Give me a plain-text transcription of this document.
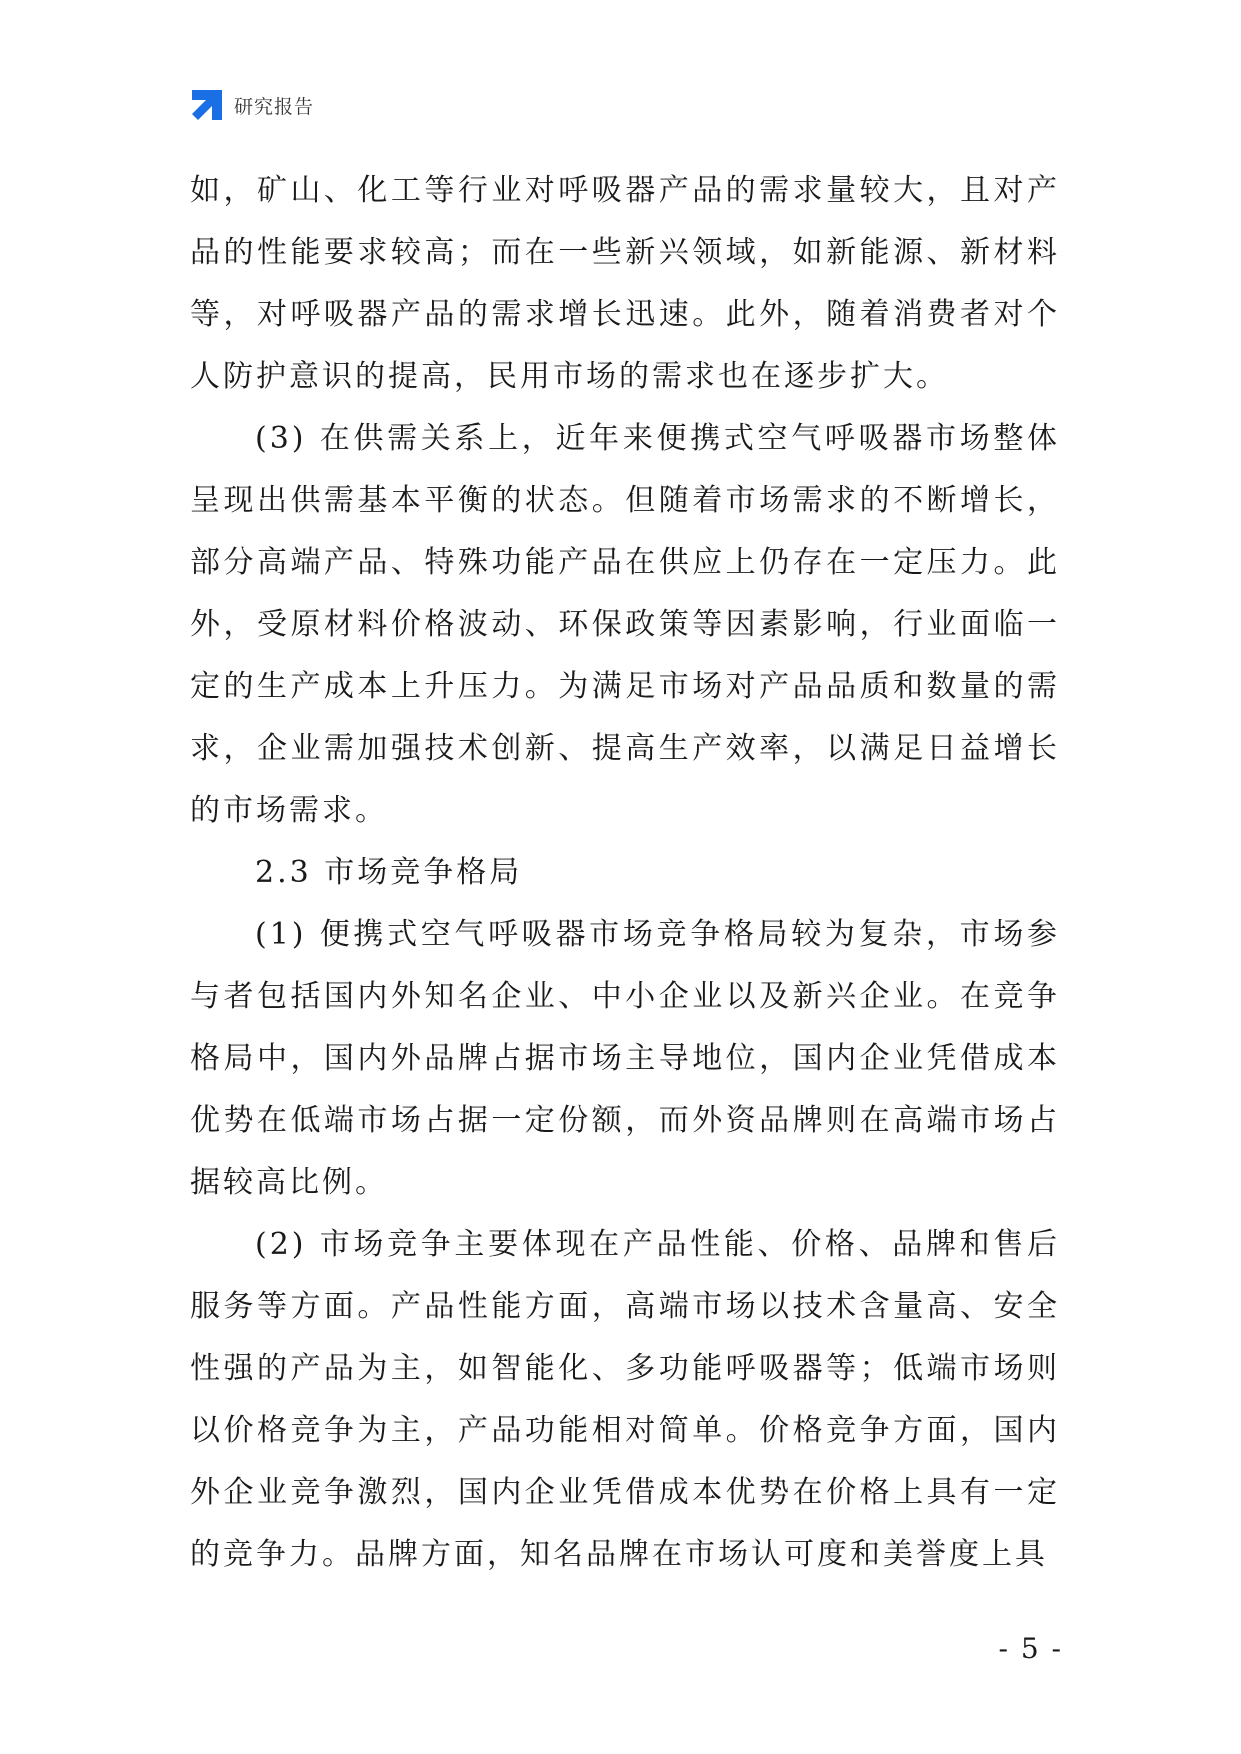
研究报告

如，矿山、化工等行业对呼吸器产品的需求量较大，且对产品的性能要求较高；而在一些新兴领域，如新能源、新材料等，对呼吸器产品的需求增长迅速。此外，随着消费者对个人防护意识的提高，民用市场的需求也在逐步扩大。

(3) 在供需关系上，近年来便携式空气呼吸器市场整体呈现出供需基本平衡的状态。但随着市场需求的不断增长，部分高端产品、特殊功能产品在供应上仍存在一定压力。此外，受原材料价格波动、环保政策等因素影响，行业面临一定的生产成本上升压力。为满足市场对产品品质和数量的需求，企业需加强技术创新、提高生产效率，以满足日益增长的市场需求。

2.3 市场竞争格局

(1) 便携式空气呼吸器市场竞争格局较为复杂，市场参与者包括国内外知名企业、中小企业以及新兴企业。在竞争格局中，国内外品牌占据市场主导地位，国内企业凭借成本优势在低端市场占据一定份额，而外资品牌则在高端市场占据较高比例。

(2) 市场竞争主要体现在产品性能、价格、品牌和售后服务等方面。产品性能方面，高端市场以技术含量高、安全性强的产品为主，如智能化、多功能呼吸器等；低端市场则以价格竞争为主，产品功能相对简单。价格竞争方面，国内外企业竞争激烈，国内企业凭借成本优势在价格上具有一定的竞争力。品牌方面，知名品牌在市场认可度和美誉度上具

- 5 -
